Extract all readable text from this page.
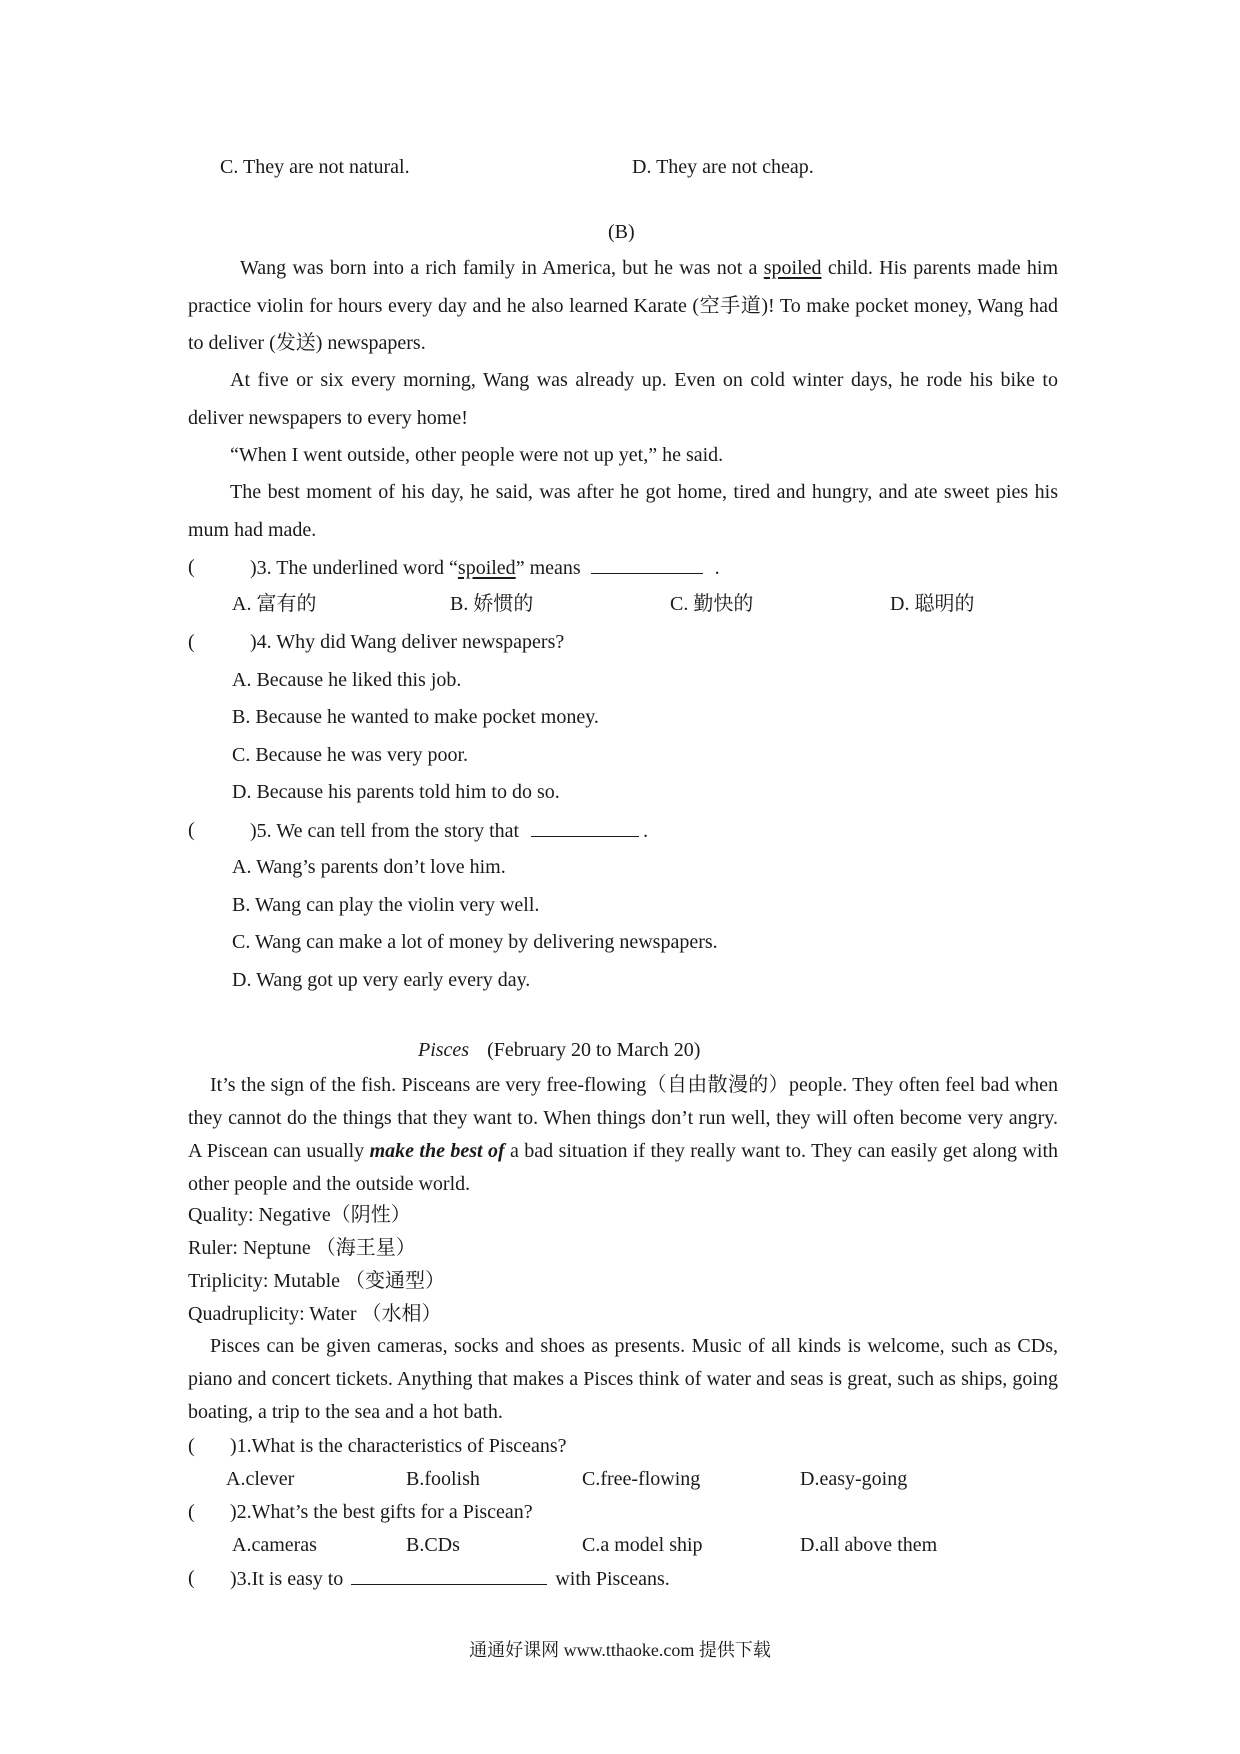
C. They are not natural.	D. They are not cheap.
(B)
Wang was born into a rich family in America, but he was not a spoiled child. His parents made him practice violin for hours every day and he also learned Karate (空手道)! To make pocket money, Wang had to deliver (发送) newspapers.
At five or six every morning, Wang was already up. Even on cold winter days, he rode his bike to deliver newspapers to every home!
“When I went outside, other people were not up yet,” he said.
The best moment of his day, he said, was after he got home, tired and hungry, and ate sweet pies his mum had made.
(	)3. The underlined word “spoiled” means	.
A. 富有的	B. 娇惯的	C. 勤快的	D. 聪明的
(	)4. Why did Wang deliver newspapers?
A. Because he liked this job.
B. Because he wanted to make pocket money.
C. Because he was very poor.
D. Because his parents told him to do so.
(	)5. We can tell from the story that	.
A. Wang’s parents don’t love him.
B. Wang can play the violin very well.
C. Wang can make a lot of money by delivering newspapers.
D. Wang got up very early every day.
Pisces (February 20 to March 20)
It’s the sign of the fish. Pisceans are very free-flowing（自由散漫的）people. They often feel bad when they cannot do the things that they want to. When things don’t run well, they will often become very angry. A Piscean can usually make the best of a bad situation if they really want to. They can easily get along with other people and the outside world.
Quality: Negative（阴性）
Ruler: Neptune （海王星）
Triplicity: Mutable （变通型）
Quadruplicity: Water （水相）
Pisces can be given cameras, socks and shoes as presents. Music of all kinds is welcome, such as CDs, piano and concert tickets. Anything that makes a Pisces think of water and seas is great, such as ships, going boating, a trip to the sea and a hot bath.
( )1.What is the characteristics of Pisceans?
A.clever	B.foolish	C.free-flowing	D.easy-going
( )2.What’s the best gifts for a Piscean?
A.cameras	B.CDs	C.a model ship	D.all above them
( )3.It is easy to	with Pisceans.
通通好课网 www.tthaoke.com 提供下载
